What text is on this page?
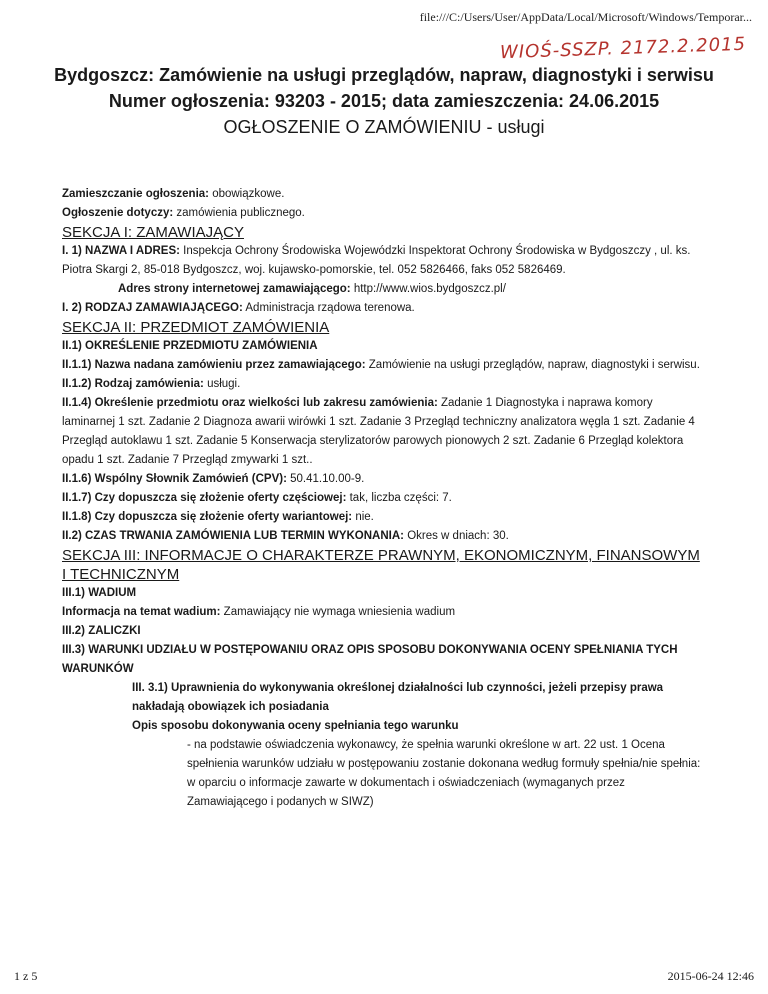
file:///C:/Users/User/AppData/Local/Microsoft/Windows/Temporar...
WIOŚ-SSZP. 2172.2.2015

Bydgoszcz: Zamówienie na usługi przeglądów, napraw, diagnostyki i serwisu

Numer ogłoszenia: 93203 - 2015; data zamieszczenia: 24.06.2015

OGŁOSZENIE O ZAMÓWIENIU - usługi

Zamieszczanie ogłoszenia: obowiązkowe.

Ogłoszenie dotyczy: zamówienia publicznego.

SEKCJA I: ZAMAWIAJĄCY

I. 1) NAZWA I ADRES: Inspekcja Ochrony Środowiska Wojewódzki Inspektorat Ochrony Środowiska w Bydgoszczy , ul. ks. Piotra Skargi 2, 85-018 Bydgoszcz, woj. kujawsko-pomorskie, tel. 052 5826466, faks 052 5826469.

Adres strony internetowej zamawiającego: http://www.wios.bydgoszcz.pl/

I. 2) RODZAJ ZAMAWIAJĄCEGO: Administracja rządowa terenowa.

SEKCJA II: PRZEDMIOT ZAMÓWIENIA

II.1) OKREŚLENIE PRZEDMIOTU ZAMÓWIENIA

II.1.1) Nazwa nadana zamówieniu przez zamawiającego: Zamówienie na usługi przeglądów, napraw, diagnostyki i serwisu.

II.1.2) Rodzaj zamówienia: usługi.

II.1.4) Określenie przedmiotu oraz wielkości lub zakresu zamówienia: Zadanie 1 Diagnostyka i naprawa komory laminarnej 1 szt. Zadanie 2 Diagnoza awarii wirówki 1 szt. Zadanie 3 Przegląd techniczny analizatora węgla 1 szt. Zadanie 4 Przegląd autoklawu 1 szt. Zadanie 5 Konserwacja sterylizatorów parowych pionowych 2 szt. Zadanie 6 Przegląd kolektora opadu 1 szt. Zadanie 7 Przegląd zmywarki 1 szt..

II.1.6) Wspólny Słownik Zamówień (CPV): 50.41.10.00-9.

II.1.7) Czy dopuszcza się złożenie oferty częściowej: tak, liczba części: 7.

II.1.8) Czy dopuszcza się złożenie oferty wariantowej: nie.

II.2) CZAS TRWANIA ZAMÓWIENIA LUB TERMIN WYKONANIA: Okres w dniach: 30.

SEKCJA III: INFORMACJE O CHARAKTERZE PRAWNYM, EKONOMICZNYM, FINANSOWYM I TECHNICZNYM

III.1) WADIUM

Informacja na temat wadium: Zamawiający nie wymaga wniesienia wadium

III.2) ZALICZKI

III.3) WARUNKI UDZIAŁU W POSTĘPOWANIU ORAZ OPIS SPOSOBU DOKONYWANIA OCENY SPEŁNIANIA TYCH WARUNKÓW

III. 3.1) Uprawnienia do wykonywania określonej działalności lub czynności, jeżeli przepisy prawa nakładają obowiązek ich posiadania

Opis sposobu dokonywania oceny spełniania tego warunku

- na podstawie oświadczenia wykonawcy, że spełnia warunki określone w art. 22 ust. 1 Ocena spełnienia warunków udziału w postępowaniu zostanie dokonana według formuły spełnia/nie spełnia: w oparciu o informacje zawarte w dokumentach i oświadczeniach (wymaganych przez Zamawiającego i podanych w SIWZ)

1 z 5	2015-06-24 12:46
